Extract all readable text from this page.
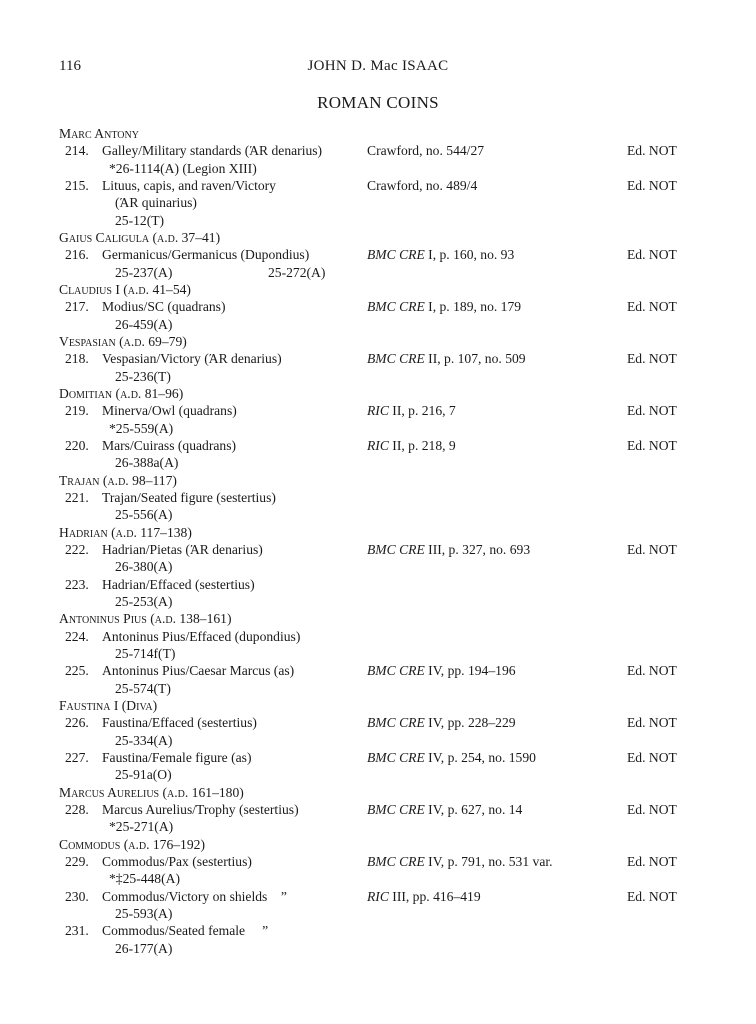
116	JOHN D. Mac ISAAC
ROMAN COINS
Marc Antony
214. Galley/Military standards (ΆR denarius)	Crawford, no. 544/27	Ed. NOT
*26-1114(A) (Legion XIII)
215. Lituus, capis, and raven/Victory	Crawford, no. 489/4	Ed. NOT
(ΆR quinarius)
25-12(T)
Gaius Caligula (a.d. 37–41)
216. Germanicus/Germanicus (Dupondius)	BMC CRE I, p. 160, no. 93	Ed. NOT
25-237(A)	25-272(A)
Claudius I (a.d. 41–54)
217. Modius/SC (quadrans)	BMC CRE I, p. 189, no. 179	Ed. NOT
26-459(A)
Vespasian (a.d. 69–79)
218. Vespasian/Victory (ΆR denarius)	BMC CRE II, p. 107, no. 509	Ed. NOT
25-236(T)
Domitian (a.d. 81–96)
219. Minerva/Owl (quadrans)	RIC II, p. 216, 7	Ed. NOT
*25-559(A)
220. Mars/Cuirass (quadrans)	RIC II, p. 218, 9	Ed. NOT
26-388a(A)
Trajan (a.d. 98–117)
221. Trajan/Seated figure (sestertius)
25-556(A)
Hadrian (a.d. 117–138)
222. Hadrian/Pietas (ΆR denarius)	BMC CRE III, p. 327, no. 693	Ed. NOT
26-380(A)
223. Hadrian/Effaced (sestertius)
25-253(A)
Antoninus Pius (a.d. 138–161)
224. Antoninus Pius/Effaced (dupondius)
25-714f(T)
225. Antoninus Pius/Caesar Marcus (as)	BMC CRE IV, pp. 194–196	Ed. NOT
25-574(T)
Faustina I (Diva)
226. Faustina/Effaced (sestertius)	BMC CRE IV, pp. 228–229	Ed. NOT
25-334(A)
227. Faustina/Female figure (as)	BMC CRE IV, p. 254, no. 1590	Ed. NOT
25-91a(O)
Marcus Aurelius (a.d. 161–180)
228. Marcus Aurelius/Trophy (sestertius)	BMC CRE IV, p. 627, no. 14	Ed. NOT
*25-271(A)
Commodus (a.d. 176–192)
229. Commodus/Pax (sestertius)	BMC CRE IV, p. 791, no. 531 var.	Ed. NOT
*‡25-448(A)
230. Commodus/Victory on shields    ”	RIC III, pp. 416–419	Ed. NOT
25-593(A)
231. Commodus/Seated female     ”
26-177(A)
